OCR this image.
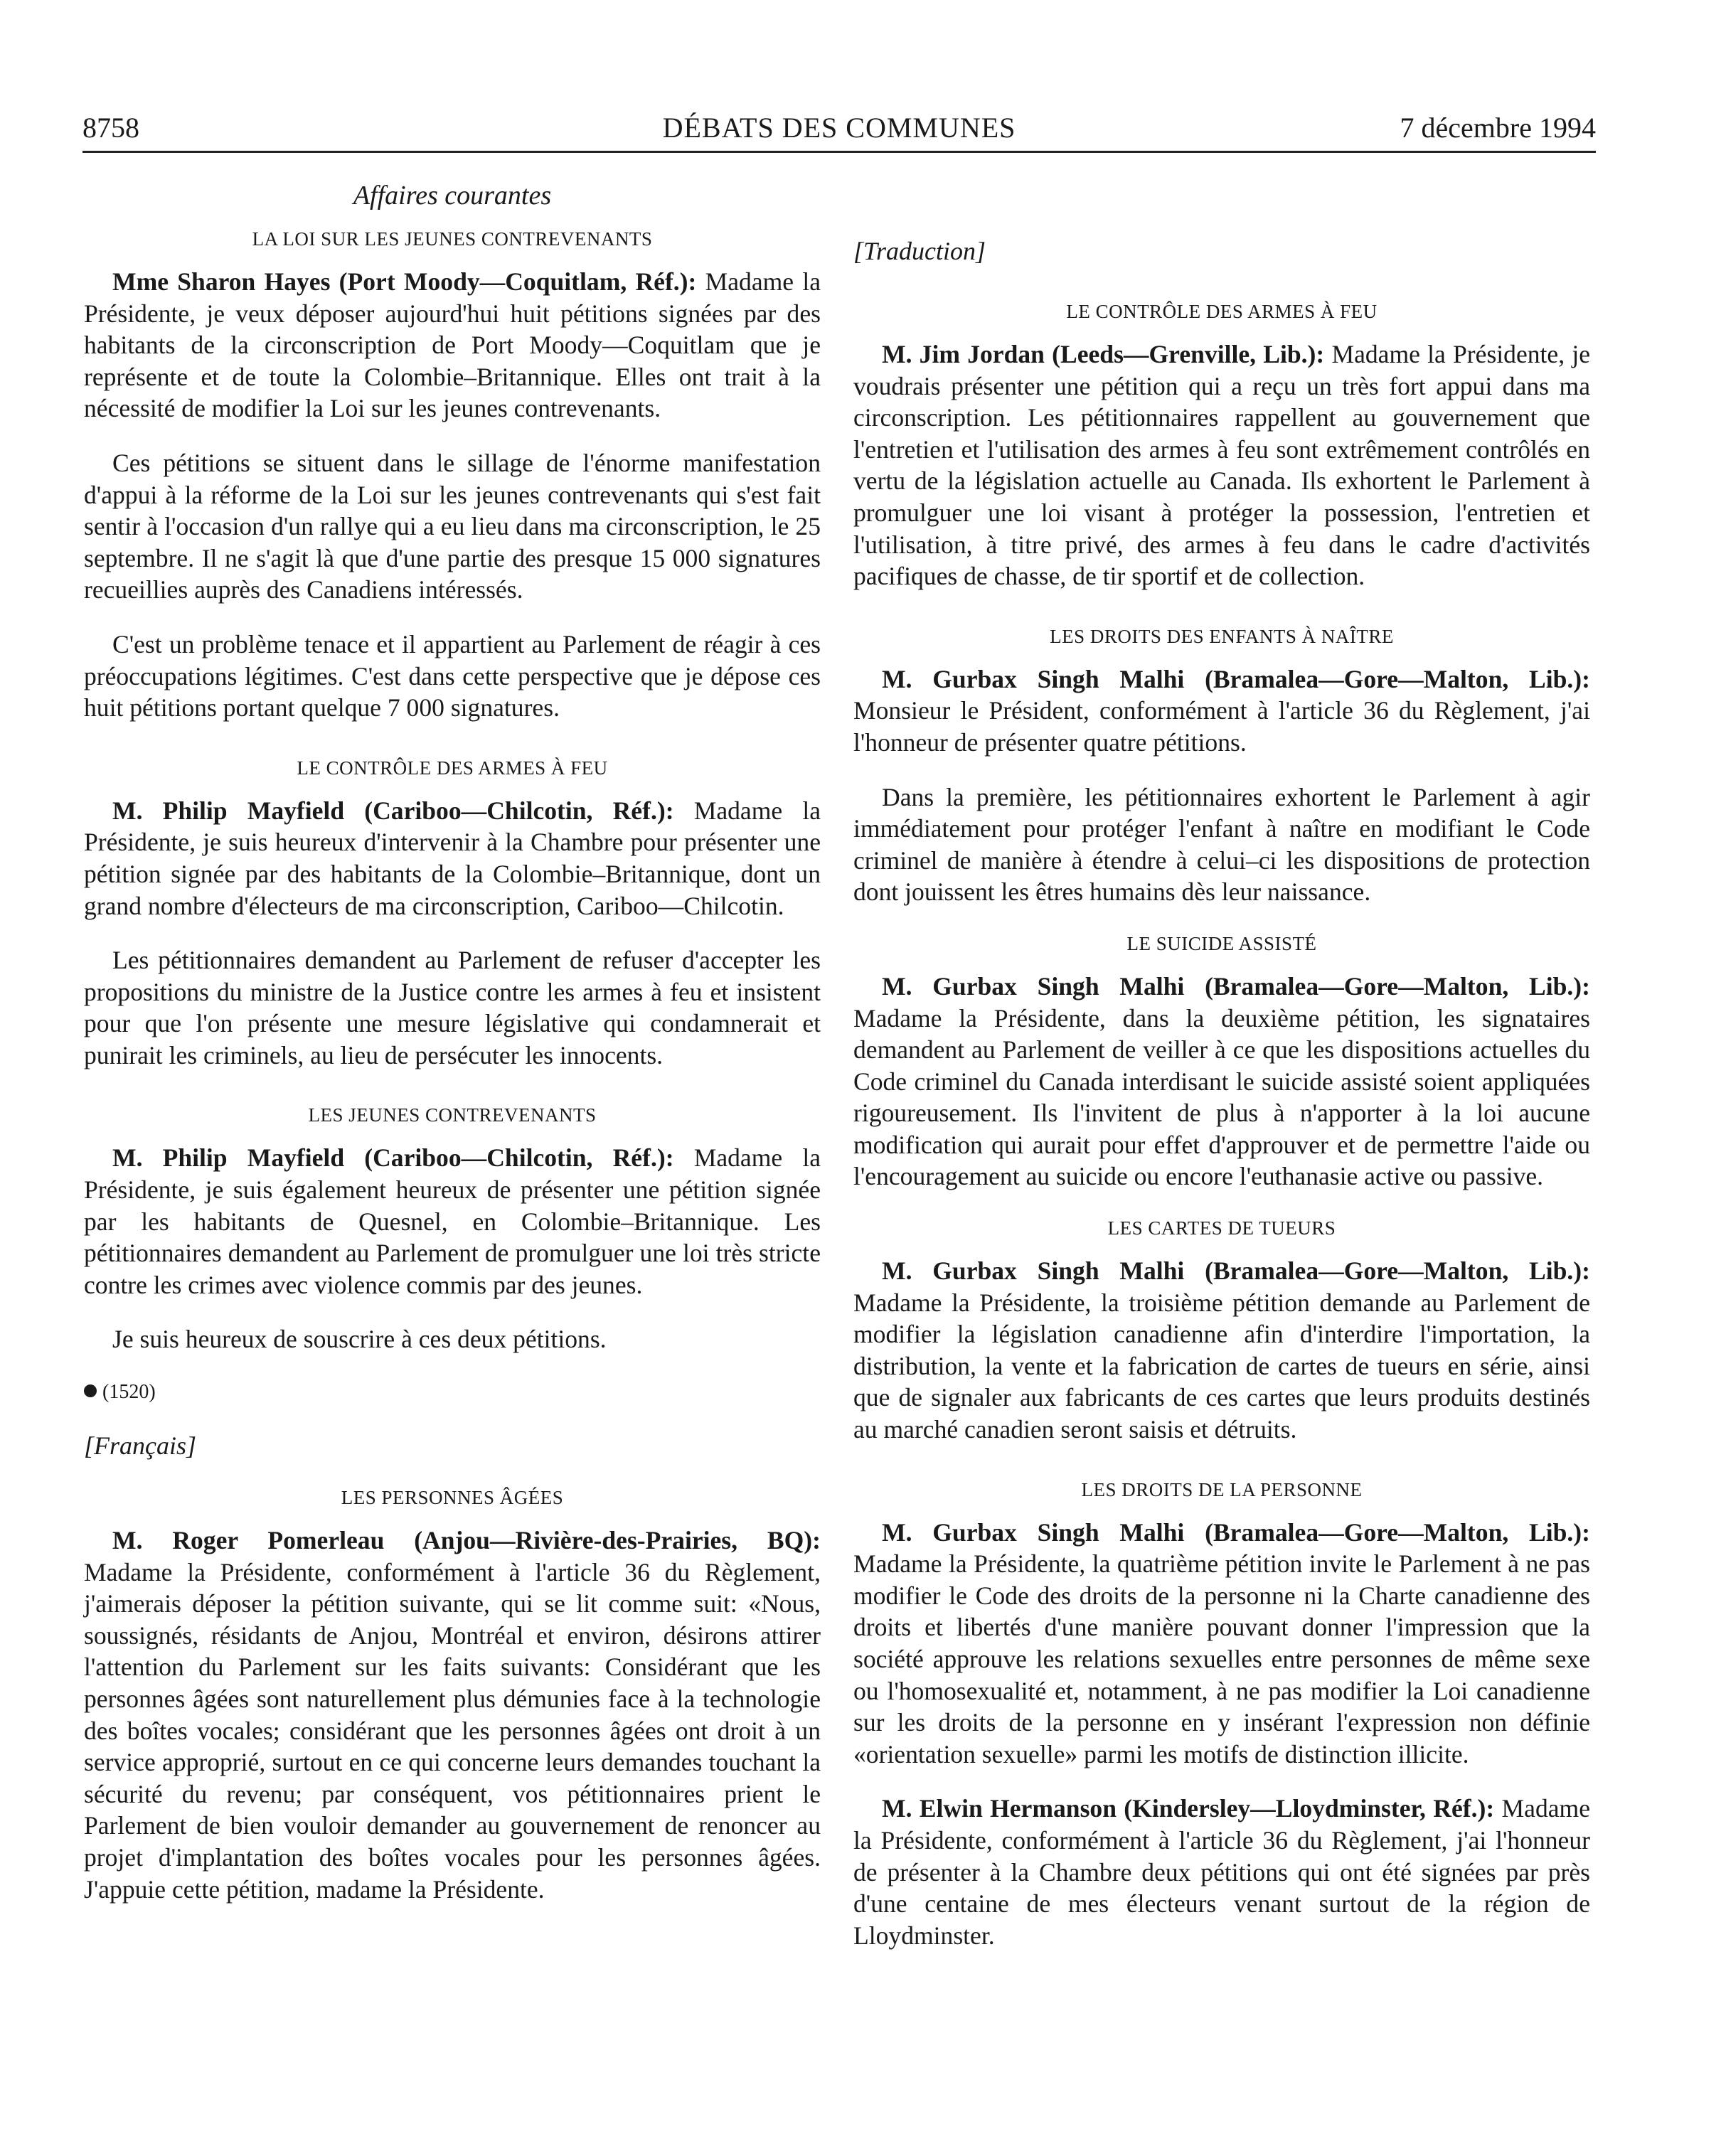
8758	DÉBATS DES COMMUNES	7 décembre 1994

Affaires courantes

LA LOI SUR LES JEUNES CONTREVENANTS

Mme Sharon Hayes (Port Moody—Coquitlam, Réf.): Madame la Présidente, je veux déposer aujourd'hui huit pétitions signées par des habitants de la circonscription de Port Moody—Coquitlam que je représente et de toute la Colombie–Britannique. Elles ont trait à la nécessité de modifier la Loi sur les jeunes contrevenants.

Ces pétitions se situent dans le sillage de l'énorme manifestation d'appui à la réforme de la Loi sur les jeunes contrevenants qui s'est fait sentir à l'occasion d'un rallye qui a eu lieu dans ma circonscription, le 25 septembre. Il ne s'agit là que d'une partie des presque 15 000 signatures recueillies auprès des Canadiens intéressés.

C'est un problème tenace et il appartient au Parlement de réagir à ces préoccupations légitimes. C'est dans cette perspective que je dépose ces huit pétitions portant quelque 7 000 signatures.

LE CONTRÔLE DES ARMES À FEU

M. Philip Mayfield (Cariboo—Chilcotin, Réf.): Madame la Présidente, je suis heureux d'intervenir à la Chambre pour présenter une pétition signée par des habitants de la Colombie–Britannique, dont un grand nombre d'électeurs de ma circonscription, Cariboo—Chilcotin.

Les pétitionnaires demandent au Parlement de refuser d'accepter les propositions du ministre de la Justice contre les armes à feu et insistent pour que l'on présente une mesure législative qui condamnerait et punirait les criminels, au lieu de persécuter les innocents.

LES JEUNES CONTREVENANTS

M. Philip Mayfield (Cariboo—Chilcotin, Réf.): Madame la Présidente, je suis également heureux de présenter une pétition signée par les habitants de Quesnel, en Colombie–Britannique. Les pétitionnaires demandent au Parlement de promulguer une loi très stricte contre les crimes avec violence commis par des jeunes.

Je suis heureux de souscrire à ces deux pétitions.

(1520)

[Français]

LES PERSONNES ÂGÉES

M. Roger Pomerleau (Anjou—Rivière-des-Prairies, BQ): Madame la Présidente, conformément à l'article 36 du Règlement, j'aimerais déposer la pétition suivante, qui se lit comme suit: «Nous, soussignés, résidants de Anjou, Montréal et environ, désirons attirer l'attention du Parlement sur les faits suivants: Considérant que les personnes âgées sont naturellement plus démunies face à la technologie des boîtes vocales; considérant que les personnes âgées ont droit à un service approprié, surtout en ce qui concerne leurs demandes touchant la sécurité du revenu; par conséquent, vos pétitionnaires prient le Parlement de bien vouloir demander au gouvernement de renoncer au projet d'implantation des boîtes vocales pour les personnes âgées. J'appuie cette pétition, madame la Présidente.

[Traduction]

LE CONTRÔLE DES ARMES À FEU

M. Jim Jordan (Leeds—Grenville, Lib.): Madame la Présidente, je voudrais présenter une pétition qui a reçu un très fort appui dans ma circonscription. Les pétitionnaires rappellent au gouvernement que l'entretien et l'utilisation des armes à feu sont extrêmement contrôlés en vertu de la législation actuelle au Canada. Ils exhortent le Parlement à promulguer une loi visant à protéger la possession, l'entretien et l'utilisation, à titre privé, des armes à feu dans le cadre d'activités pacifiques de chasse, de tir sportif et de collection.

LES DROITS DES ENFANTS À NAÎTRE

M. Gurbax Singh Malhi (Bramalea—Gore—Malton, Lib.): Monsieur le Président, conformément à l'article 36 du Règlement, j'ai l'honneur de présenter quatre pétitions.

Dans la première, les pétitionnaires exhortent le Parlement à agir immédiatement pour protéger l'enfant à naître en modifiant le Code criminel de manière à étendre à celui–ci les dispositions de protection dont jouissent les êtres humains dès leur naissance.

LE SUICIDE ASSISTÉ

M. Gurbax Singh Malhi (Bramalea—Gore—Malton, Lib.): Madame la Présidente, dans la deuxième pétition, les signataires demandent au Parlement de veiller à ce que les dispositions actuelles du Code criminel du Canada interdisant le suicide assisté soient appliquées rigoureusement. Ils l'invitent de plus à n'apporter à la loi aucune modification qui aurait pour effet d'approuver et de permettre l'aide ou l'encouragement au suicide ou encore l'euthanasie active ou passive.

LES CARTES DE TUEURS

M. Gurbax Singh Malhi (Bramalea—Gore—Malton, Lib.): Madame la Présidente, la troisième pétition demande au Parlement de modifier la législation canadienne afin d'interdire l'importation, la distribution, la vente et la fabrication de cartes de tueurs en série, ainsi que de signaler aux fabricants de ces cartes que leurs produits destinés au marché canadien seront saisis et détruits.

LES DROITS DE LA PERSONNE

M. Gurbax Singh Malhi (Bramalea—Gore—Malton, Lib.): Madame la Présidente, la quatrième pétition invite le Parlement à ne pas modifier le Code des droits de la personne ni la Charte canadienne des droits et libertés d'une manière pouvant donner l'impression que la société approuve les relations sexuelles entre personnes de même sexe ou l'homosexualité et, notamment, à ne pas modifier la Loi canadienne sur les droits de la personne en y insérant l'expression non définie «orientation sexuelle» parmi les motifs de distinction illicite.

M. Elwin Hermanson (Kindersley—Lloydminster, Réf.): Madame la Présidente, conformément à l'article 36 du Règlement, j'ai l'honneur de présenter à la Chambre deux pétitions qui ont été signées par près d'une centaine de mes électeurs venant surtout de la région de Lloydminster.
